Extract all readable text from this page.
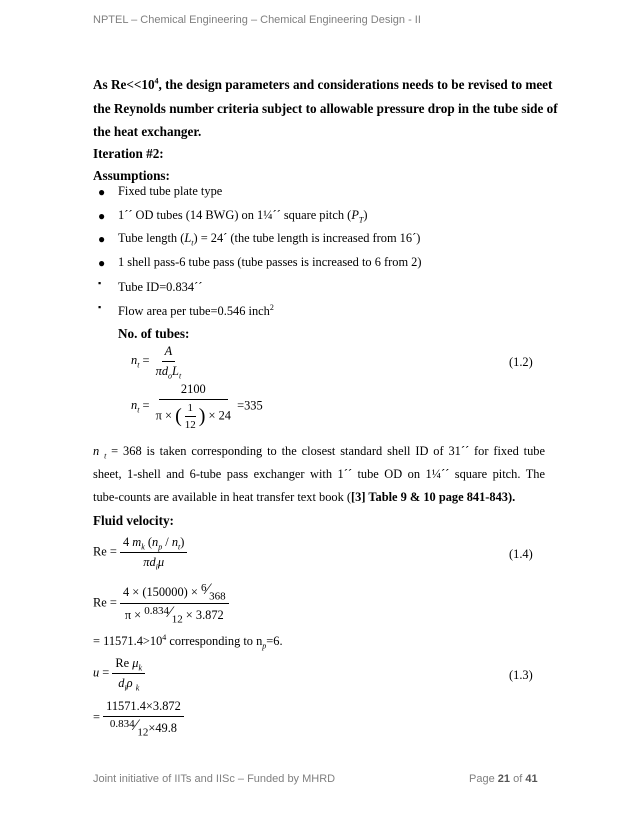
NPTEL – Chemical Engineering – Chemical Engineering Design - II
As $Re<<10^4$, the design parameters and considerations needs to be revised to meet
the Reynolds number criteria subject to allowable pressure drop in the tube side of
the heat exchanger.
Iteration #2:
Assumptions:
● Fixed tube plate type
● 1´´ OD tubes (14 BWG) on 1¼´´ square pitch $(P_T)$
● Tube length $(L_t)$ = 24´ (the tube length is increased from 16´)
● 1 shell pass-6 tube pass (tube passes is increased to 6 from 2)
▪ Tube ID=0.834´´
▪ Flow area per tube=0.546 inch$^2$
No. of tubes:
$n_t = \frac{A}{\pi d_oL_t}$	(1.2)
$n_t = \frac{2100}{\pi \times ( \frac{1}{12} ) \times 24} =335$
n $_t$ = 368 is taken corresponding to the closest standard shell ID of 31´´ for fixed tube
sheet, 1-shell and 6-tube pass exchanger with 1´´ tube OD on 1¼´´ square pitch. The
tube-counts are available in heat transfer text book ([3] Table 9 & 10 page 841-843).
Fluid velocity:
$Re = \frac{4 m_k (n_p / n_t)}{\pi d_i\mu}$	(1.4)
$Re = \frac{4 \times (150000) \times ^6⁄_{368}}{\pi \times ^{0.834}⁄_{12} \times 3.872}$
= $11571.4>10^4$ corresponding to $n_p=6$.
$u = \frac{Re \mu_k}{d_i\rho _k}$	(1.3)
= $\frac{11571.4\times 3.872}{^{0.834}⁄_{12}\times 49.8}$
Joint initiative of IITs and IISc – Funded by MHRD	Page 21 of 41
